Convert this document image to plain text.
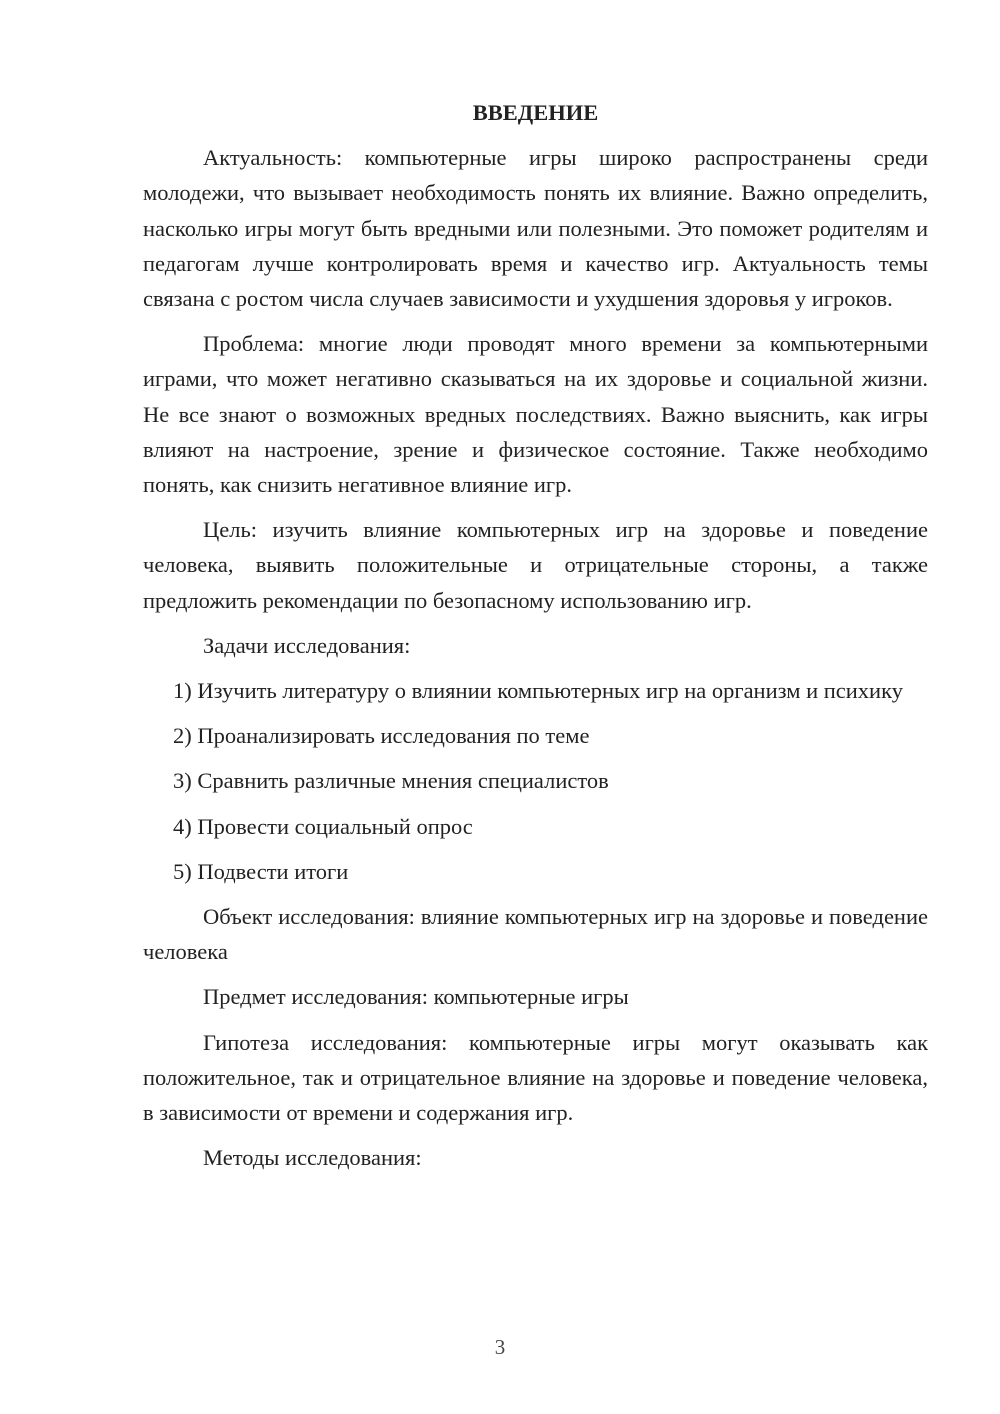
ВВЕДЕНИЕ

Актуальность: компьютерные игры широко распространены среди молодежи, что вызывает необходимость понять их влияние. Важно определить, насколько игры могут быть вредными или полезными. Это поможет родителям и педагогам лучше контролировать время и качество игр. Актуальность темы связана с ростом числа случаев зависимости и ухудшения здоровья у игроков.

Проблема: многие люди проводят много времени за компьютерными играми, что может негативно сказываться на их здоровье и социальной жизни. Не все знают о возможных вредных последствиях. Важно выяснить, как игры влияют на настроение, зрение и физическое состояние. Также необходимо понять, как снизить негативное влияние игр.

Цель: изучить влияние компьютерных игр на здоровье и поведение человека, выявить положительные и отрицательные стороны, а также предложить рекомендации по безопасному использованию игр.

Задачи исследования:

1) Изучить литературу о влиянии компьютерных игр на организм и психику

2) Проанализировать исследования по теме

3) Сравнить различные мнения специалистов

4) Провести социальный опрос

5) Подвести итоги

Объект исследования: влияние компьютерных игр на здоровье и поведение человека

Предмет исследования: компьютерные игры

Гипотеза исследования: компьютерные игры могут оказывать как положительное, так и отрицательное влияние на здоровье и поведение человека, в зависимости от времени и содержания игр.

Методы исследования:

3
